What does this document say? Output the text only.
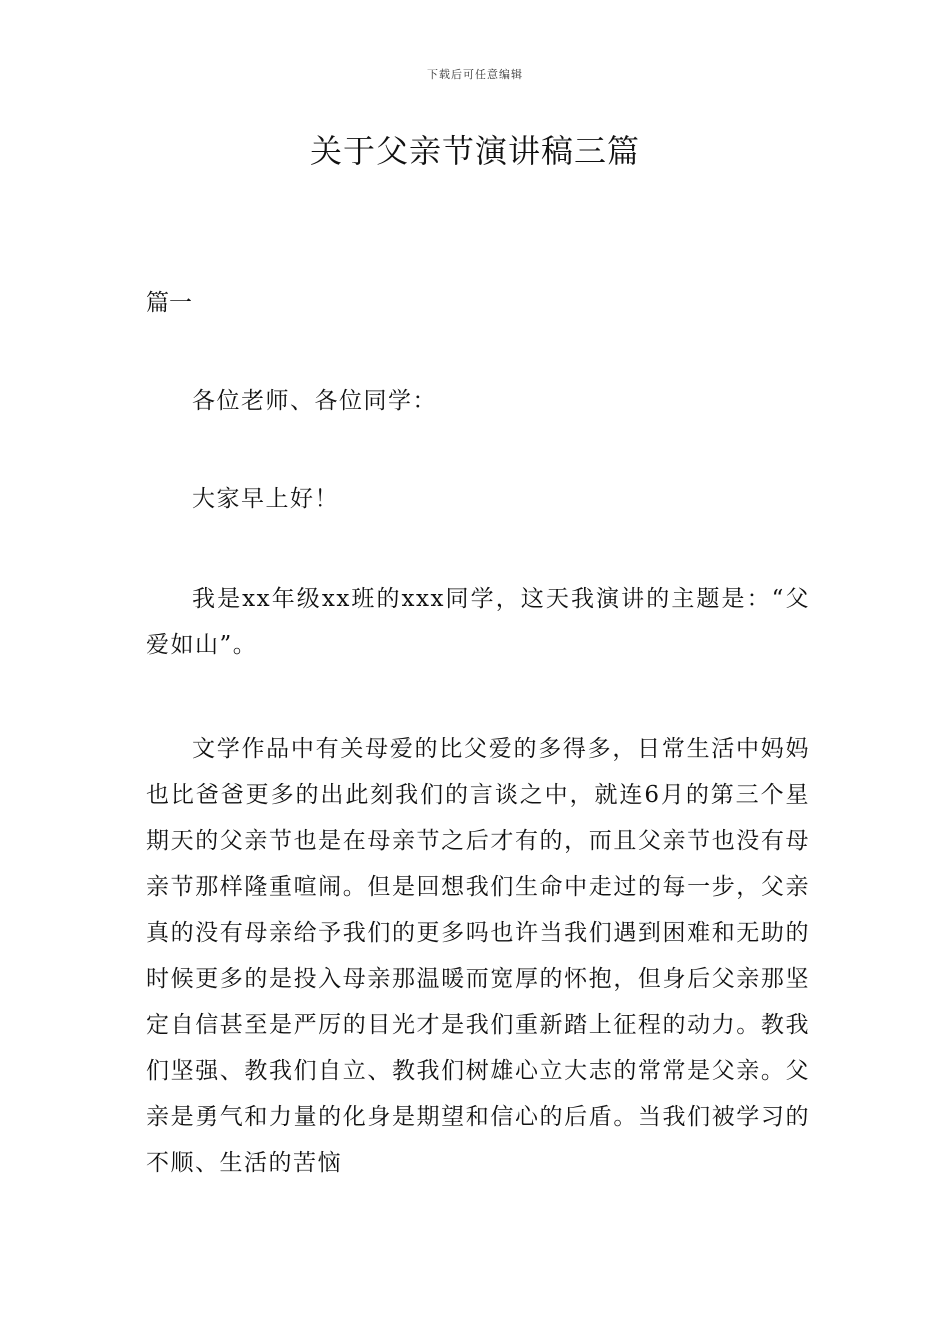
下载后可任意编辑
关于父亲节演讲稿三篇
篇一

各位老师、各位同学：

大家早上好！

我是xx年级xx班的xxx同学，这天我演讲的主题是：“父爱如山”。

文学作品中有关母爱的比父爱的多得多，日常生活中妈妈也比爸爸更多的出此刻我们的言谈之中，就连6月的第三个星期天的父亲节也是在母亲节之后才有的，而且父亲节也没有母亲节那样隆重喧闹。但是回想我们生命中走过的每一步，父亲真的没有母亲给予我们的更多吗也许当我们遇到困难和无助的时候更多的是投入母亲那温暖而宽厚的怀抱，但身后父亲那坚定自信甚至是严厉的目光才是我们重新踏上征程的动力。教我们坚强、教我们自立、教我们树雄心立大志的常常是父亲。父亲是勇气和力量的化身是期望和信心的后盾。当我们被学习的不顺、生活的苦恼
